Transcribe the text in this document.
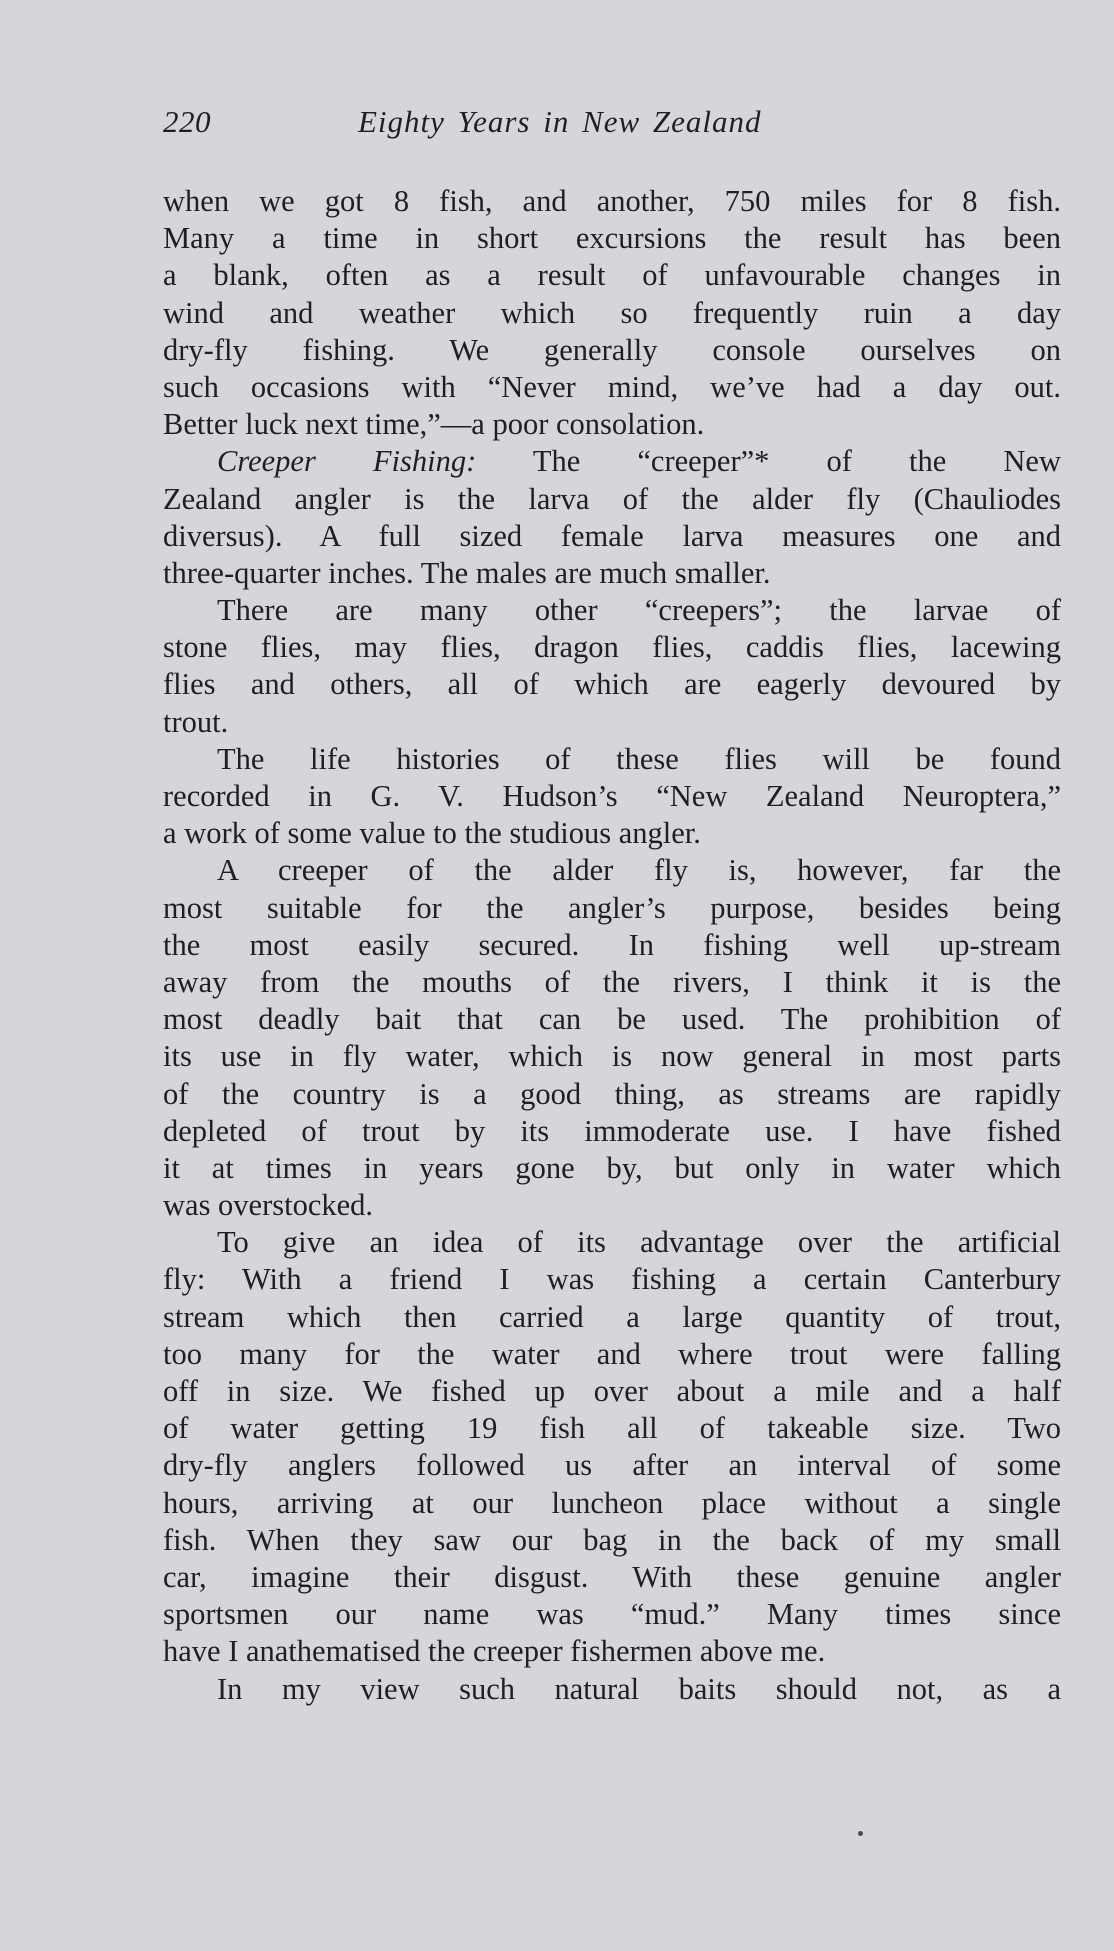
220	Eighty Years in New Zealand
when we got 8 fish, and another, 750 miles for 8 fish.
Many a time in short excursions the result has been
a blank, often as a result of unfavourable changes in
wind and weather which so frequently ruin a day
dry-fly fishing. We generally console ourselves on
such occasions with “Never mind, we’ve had a day out.
Better luck next time,”—a poor consolation.
Creeper Fishing: The “creeper”* of the New
Zealand angler is the larva of the alder fly (Chauliodes
diversus). A full sized female larva measures one and
three-quarter inches. The males are much smaller.
There are many other “creepers”; the larvae of
stone flies, may flies, dragon flies, caddis flies, lacewing
flies and others, all of which are eagerly devoured by
trout.
The life histories of these flies will be found
recorded in G. V. Hudson’s “New Zealand Neuroptera,”
a work of some value to the studious angler.
A creeper of the alder fly is, however, far the
most suitable for the angler’s purpose, besides being
the most easily secured. In fishing well up-stream
away from the mouths of the rivers, I think it is the
most deadly bait that can be used. The prohibition of
its use in fly water, which is now general in most parts
of the country is a good thing, as streams are rapidly
depleted of trout by its immoderate use. I have fished
it at times in years gone by, but only in water which
was overstocked.
To give an idea of its advantage over the artificial
fly: With a friend I was fishing a certain Canterbury
stream which then carried a large quantity of trout,
too many for the water and where trout were falling
off in size. We fished up over about a mile and a half
of water getting 19 fish all of takeable size. Two
dry-fly anglers followed us after an interval of some
hours, arriving at our luncheon place without a single
fish. When they saw our bag in the back of my small
car, imagine their disgust. With these genuine angler
sportsmen our name was “mud.” Many times since
have I anathematised the creeper fishermen above me.
In my view such natural baits should not, as a
